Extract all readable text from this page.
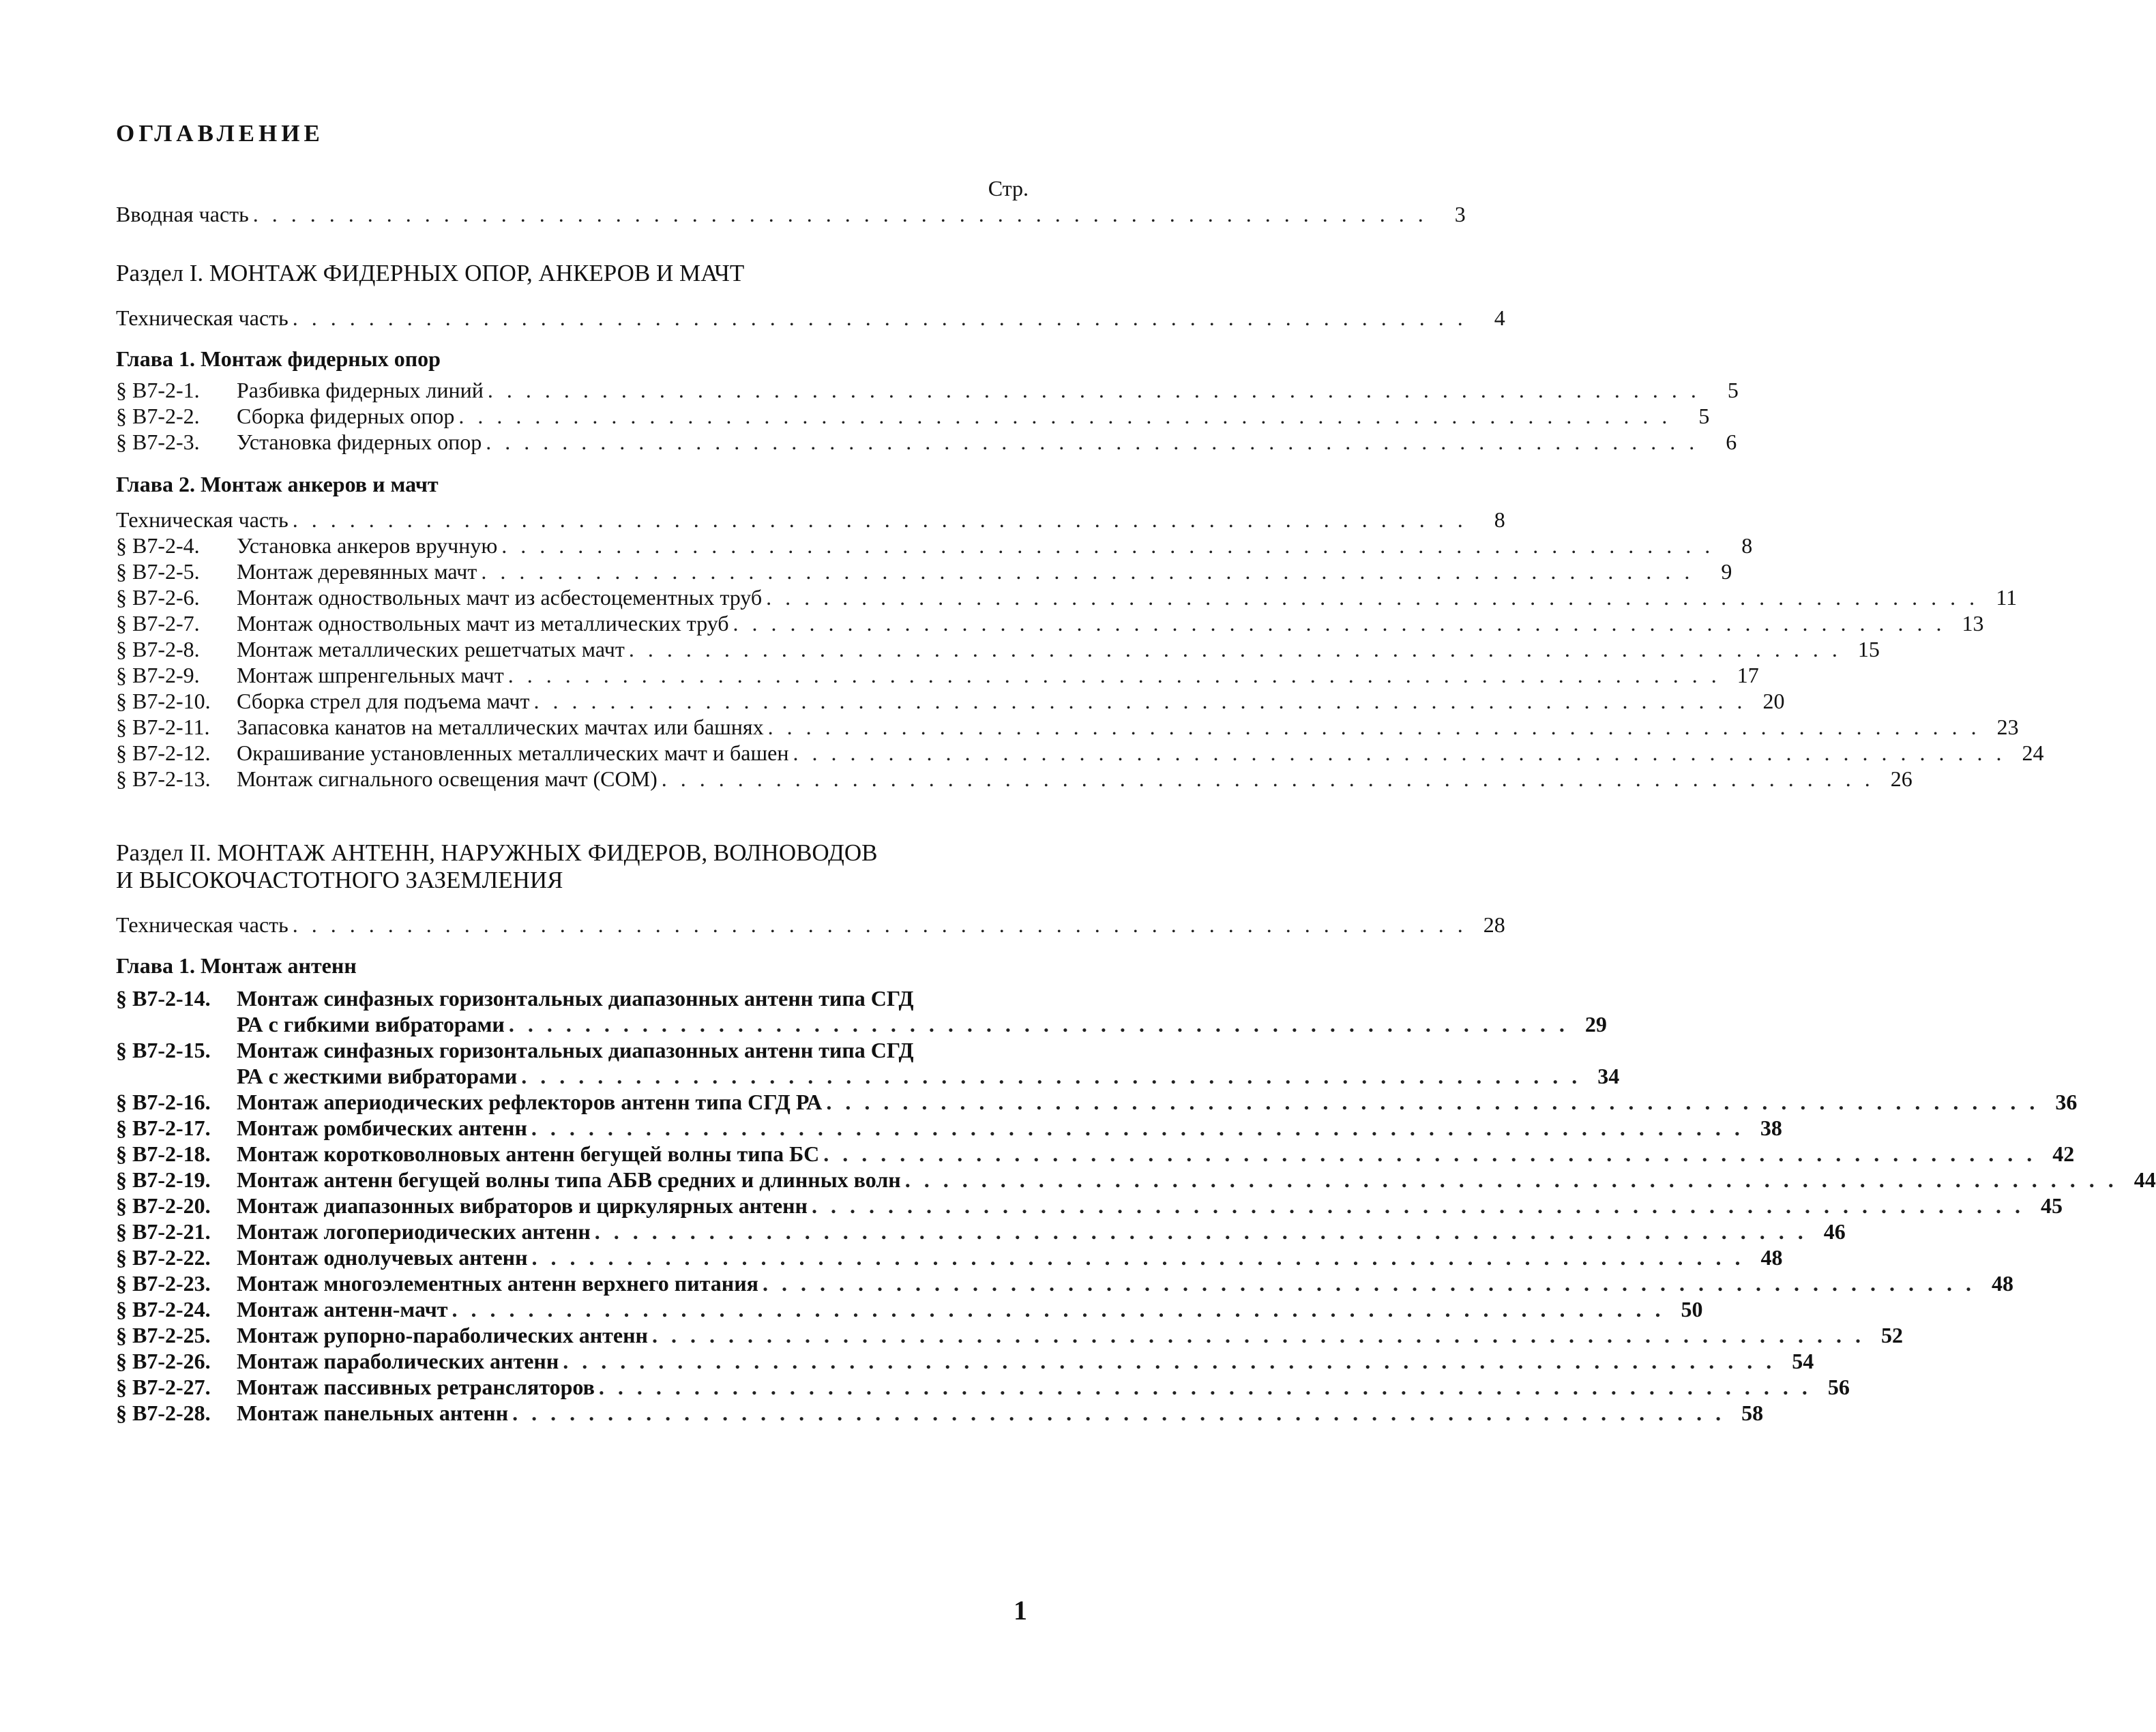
ОГЛАВЛЕНИЕ
Стр.
Вводная часть . . . . . . . . . . . . . . . . . . . . . . . . . . . . . . . . . . . . . . . . . . . . . . . . . . . . . . . . . . . . . .	3
Раздел I. МОНТАЖ ФИДЕРНЫХ ОПОР, АНКЕРОВ И МАЧТ
Техническая часть . . . . . . . . . . . . . . . . . . . . . . . . . . . . . . . . . . . . . . . . . . . . . . . . . . . . . . . . . . . . . .	4
Глава 1. Монтаж фидерных опор
§ В7-2-1.	Разбивка фидерных линий . . . . . . . . . . . . . . . . . . . . . . . . . . . . . . . . . . . . . . . . . . . . . . . . . . . . . . . . . . . . . . . .	5
§ В7-2-2.	Сборка фидерных опор . . . . . . . . . . . . . . . . . . . . . . . . . . . . . . . . . . . . . . . . . . . . . . . . . . . . . . . . . . . . . . . .	5
§ В7-2-3.	Установка фидерных опор . . . . . . . . . . . . . . . . . . . . . . . . . . . . . . . . . . . . . . . . . . . . . . . . . . . . . . . . . . . . . . . .	6
Глава 2. Монтаж анкеров и мачт
Техническая часть . . . . . . . . . . . . . . . . . . . . . . . . . . . . . . . . . . . . . . . . . . . . . . . . . . . . . . . . . . . . . .	8
§ В7-2-4.	Установка анкеров вручную . . . . . . . . . . . . . . . . . . . . . . . . . . . . . . . . . . . . . . . . . . . . . . . . . . . . . . . . . . . . . . . .	8
§ В7-2-5.	Монтаж деревянных мачт . . . . . . . . . . . . . . . . . . . . . . . . . . . . . . . . . . . . . . . . . . . . . . . . . . . . . . . . . . . . . . . .	9
§ В7-2-6.	Монтаж одноствольных мачт из асбестоцементных труб . . . . . . . . . . . . . . . . . . . . . . . . . . . . . . . . . . . . . . . . . . . . . . . . . . . . . . . . . . . . . . . . 11
§ В7-2-7.	Монтаж одноствольных мачт из металлических труб . . . . . . . . . . . . . . . . . . . . . . . . . . . . . . . . . . . . . . . . . . . . . . . . . . . . . . . . . . . . . . . . 13
§ В7-2-8.	Монтаж металлических решетчатых мачт . . . . . . . . . . . . . . . . . . . . . . . . . . . . . . . . . . . . . . . . . . . . . . . . . . . . . . . . . . . . . . . . 15
§ В7-2-9.	Монтаж шпренгельных мачт . . . . . . . . . . . . . . . . . . . . . . . . . . . . . . . . . . . . . . . . . . . . . . . . . . . . . . . . . . . . . . . . 17
§ В7-2-10.	Сборка стрел для подъема мачт . . . . . . . . . . . . . . . . . . . . . . . . . . . . . . . . . . . . . . . . . . . . . . . . . . . . . . . . . . . . . . . . 20
§ В7-2-11.	Запасовка канатов на металлических мачтах или башнях . . . . . . . . . . . . . . . . . . . . . . . . . . . . . . . . . . . . . . . . . . . . . . . . . . . . . . . . . . . . . . . . 23
§ В7-2-12.	Окрашивание установленных металлических мачт и башен . . . . . . . . . . . . . . . . . . . . . . . . . . . . . . . . . . . . . . . . . . . . . . . . . . . . . . . . . . . . . . . . 24
§ В7-2-13.	Монтаж сигнального освещения мачт (СОМ) . . . . . . . . . . . . . . . . . . . . . . . . . . . . . . . . . . . . . . . . . . . . . . . . . . . . . . . . . . . . . . . . 26
Раздел II. МОНТАЖ АНТЕНН, НАРУЖНЫХ ФИДЕРОВ, ВОЛНОВОДОВ
И ВЫСОКОЧАСТОТНОГО ЗАЗЕМЛЕНИЯ
Техническая часть . . . . . . . . . . . . . . . . . . . . . . . . . . . . . . . . . . . . . . . . . . . . . . . . . . . . . . . . . . . . . . 28
Глава 1. Монтаж антенн
§ В7-2-14.	Монтаж синфазных горизонтальных диапазонных антенн типа СГД
РА с гибкими вибраторами . . . . . . . . . . . . . . . . . . . . . . . . . . . . . . . . . . . . . . . . . . . . . . . . . . . . . . . . 29
§ В7-2-15.	Монтаж синфазных горизонтальных диапазонных антенн типа СГД
РА с жесткими вибраторами . . . . . . . . . . . . . . . . . . . . . . . . . . . . . . . . . . . . . . . . . . . . . . . . . . . . . . . . 34
§ В7-2-16.	Монтаж апериодических рефлекторов антенн типа СГД РА . . . . . . . . . . . . . . . . . . . . . . . . . . . . . . . . . . . . . . . . . . . . . . . . . . . . . . . . . . . . . . . . 36
§ В7-2-17.	Монтаж ромбических антенн . . . . . . . . . . . . . . . . . . . . . . . . . . . . . . . . . . . . . . . . . . . . . . . . . . . . . . . . . . . . . . . . 38
§ В7-2-18.	Монтаж коротковолновых антенн бегущей волны типа БС . . . . . . . . . . . . . . . . . . . . . . . . . . . . . . . . . . . . . . . . . . . . . . . . . . . . . . . . . . . . . . . . 42
§ В7-2-19.	Монтаж антенн бегущей волны типа АБВ средних и длинных волн . . . . . . . . . . . . . . . . . . . . . . . . . . . . . . . . . . . . . . . . . . . . . . . . . . . . . . . . . . . . . . . . 44
§ В7-2-20.	Монтаж диапазонных вибраторов и циркулярных антенн . . . . . . . . . . . . . . . . . . . . . . . . . . . . . . . . . . . . . . . . . . . . . . . . . . . . . . . . . . . . . . . . 45
§ В7-2-21.	Монтаж логопериодических антенн . . . . . . . . . . . . . . . . . . . . . . . . . . . . . . . . . . . . . . . . . . . . . . . . . . . . . . . . . . . . . . . . 46
§ В7-2-22.	Монтаж однолучевых антенн . . . . . . . . . . . . . . . . . . . . . . . . . . . . . . . . . . . . . . . . . . . . . . . . . . . . . . . . . . . . . . . . 48
§ В7-2-23.	Монтаж многоэлементных антенн верхнего питания . . . . . . . . . . . . . . . . . . . . . . . . . . . . . . . . . . . . . . . . . . . . . . . . . . . . . . . . . . . . . . . . 48
§ В7-2-24.	Монтаж антенн-мачт . . . . . . . . . . . . . . . . . . . . . . . . . . . . . . . . . . . . . . . . . . . . . . . . . . . . . . . . . . . . . . . . 50
§ В7-2-25.	Монтаж рупорно-параболических антенн . . . . . . . . . . . . . . . . . . . . . . . . . . . . . . . . . . . . . . . . . . . . . . . . . . . . . . . . . . . . . . . . 52
§ В7-2-26.	Монтаж параболических антенн . . . . . . . . . . . . . . . . . . . . . . . . . . . . . . . . . . . . . . . . . . . . . . . . . . . . . . . . . . . . . . . . 54
§ В7-2-27.	Монтаж пассивных ретрансляторов . . . . . . . . . . . . . . . . . . . . . . . . . . . . . . . . . . . . . . . . . . . . . . . . . . . . . . . . . . . . . . . . 56
§ В7-2-28.	Монтаж панельных антенн . . . . . . . . . . . . . . . . . . . . . . . . . . . . . . . . . . . . . . . . . . . . . . . . . . . . . . . . . . . . . . . . 58
1
